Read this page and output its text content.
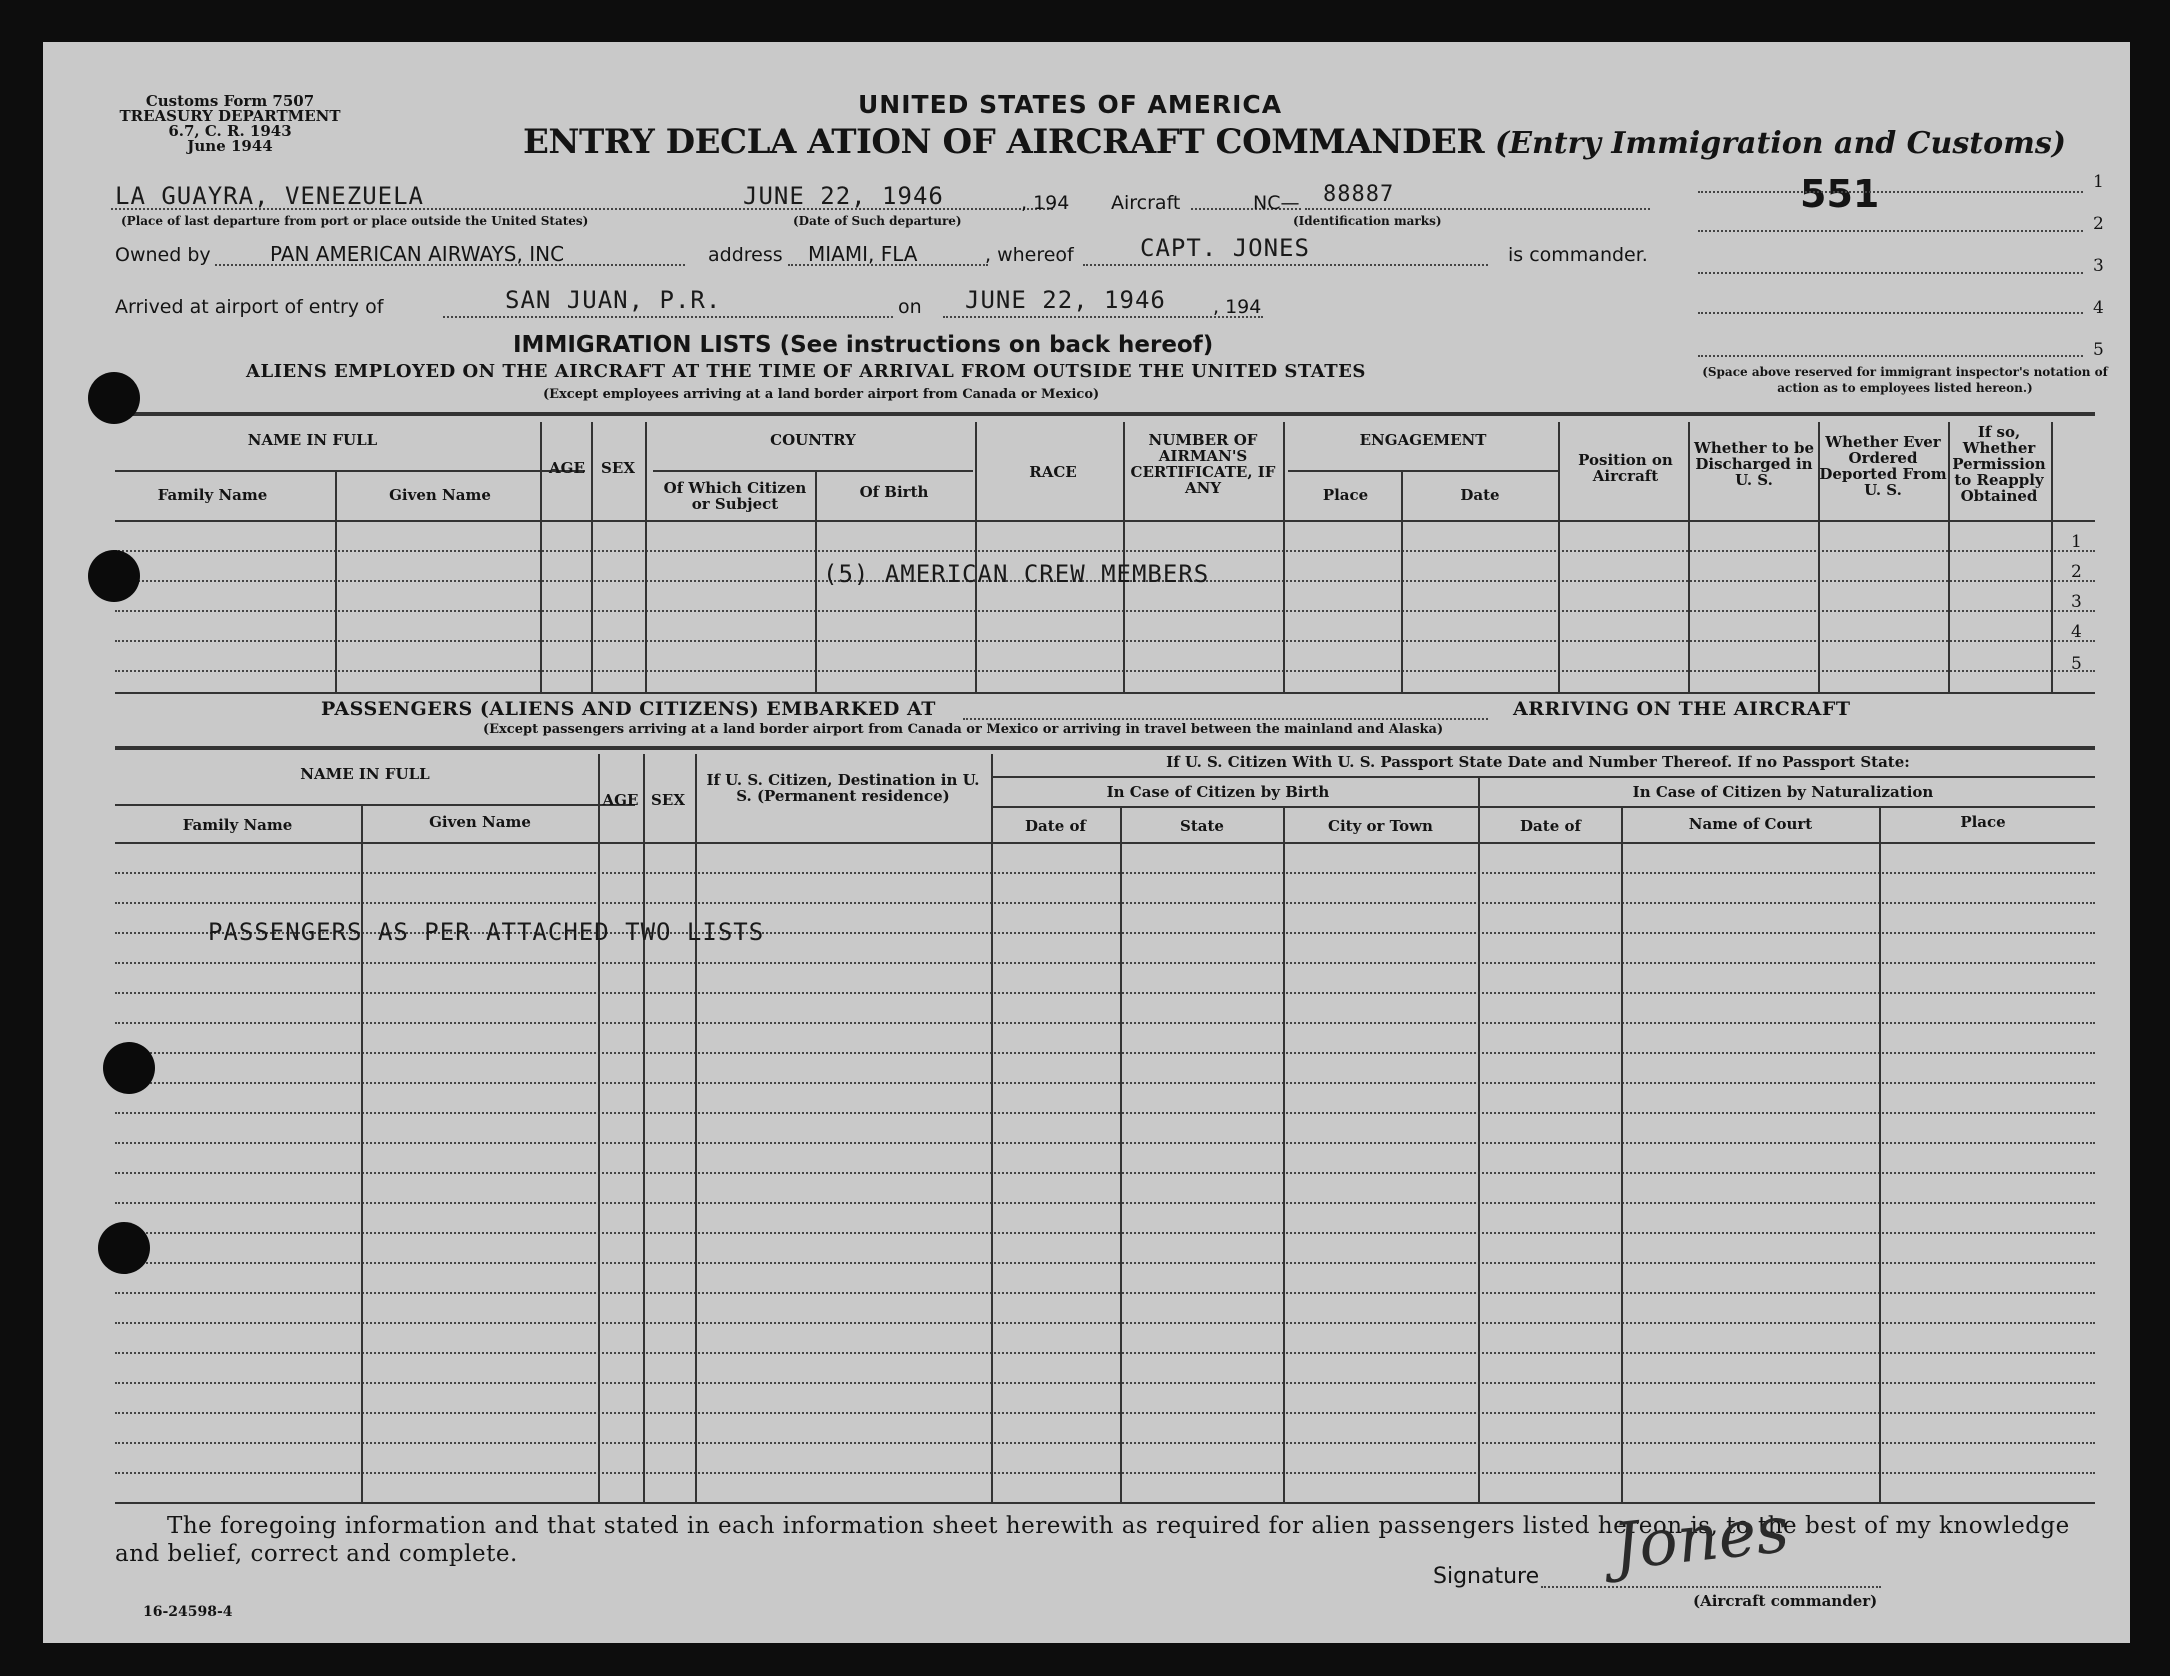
Customs Form 7507
TREASURY DEPARTMENT
6.7, C. R. 1943
June 1944
UNITED STATES OF AMERICA
ENTRY DECLA ATION OF AIRCRAFT COMMANDER (Entry Immigration and Customs)
551	1
2
3
4
5
(Space above reserved for immigrant inspector's notation of action as to employees listed hereon.)
LA GUAYRA, VENEZUELA
(Place of last departure from port or place outside the United States)
JUNE 22, 1946	, 194
(Date of Such departure)
Aircraft	NC— 88887
(Identification marks)
Owned by	PAN AMERICAN AIRWAYS, INC	address MIAMI, FLA	, whereof	CAPT. JONES	is commander.
Arrived at airport of entry of	SAN JUAN, P.R.	on JUNE 22, 1946 , 194
IMMIGRATION LISTS (See instructions on back hereof)
ALIENS EMPLOYED ON THE AIRCRAFT AT THE TIME OF ARRIVAL FROM OUTSIDE THE UNITED STATES
(Except employees arriving at a land border airport from Canada or Mexico)
NAME IN FULL
Family Name	Given Name
AGE	SEX
COUNTRY
Of Which Citizen or Subject
Of Birth
RACE
NUMBER OF AIRMAN'S CERTIFICATE, IF ANY
ENGAGEMENT
Place	Date
Position on Aircraft
Whether to be Discharged in U. S.
Whether Ever Ordered Deported From U. S.
If so, Whether Permission to Reapply Obtained
1
2
3
4
5
(5) AMERICAN CREW MEMBERS
PASSENGERS (ALIENS AND CITIZENS) EMBARKED AT	ARRIVING ON THE AIRCRAFT
(Except passengers arriving at a land border airport from Canada or Mexico or arriving in travel between the mainland and Alaska)
NAME IN FULL
Family Name	Given Name
AGE SEX
If U. S. Citizen, Destination in U. S. (Permanent residence)
If U. S. Citizen With U. S. Passport State Date and Number Thereof. If no Passport State:
In Case of Citizen by Birth	In Case of Citizen by Naturalization
Date of	State	City or Town	Date of	Name of Court	Place
PASSENGERS AS PER ATTACHED TWO LISTS
The foregoing information and that stated in each information sheet herewith as required for alien passengers listed hereon is, to the best of my knowledge and belief, correct and complete.
Signature
(Aircraft commander)
Jones
16-24598-4
